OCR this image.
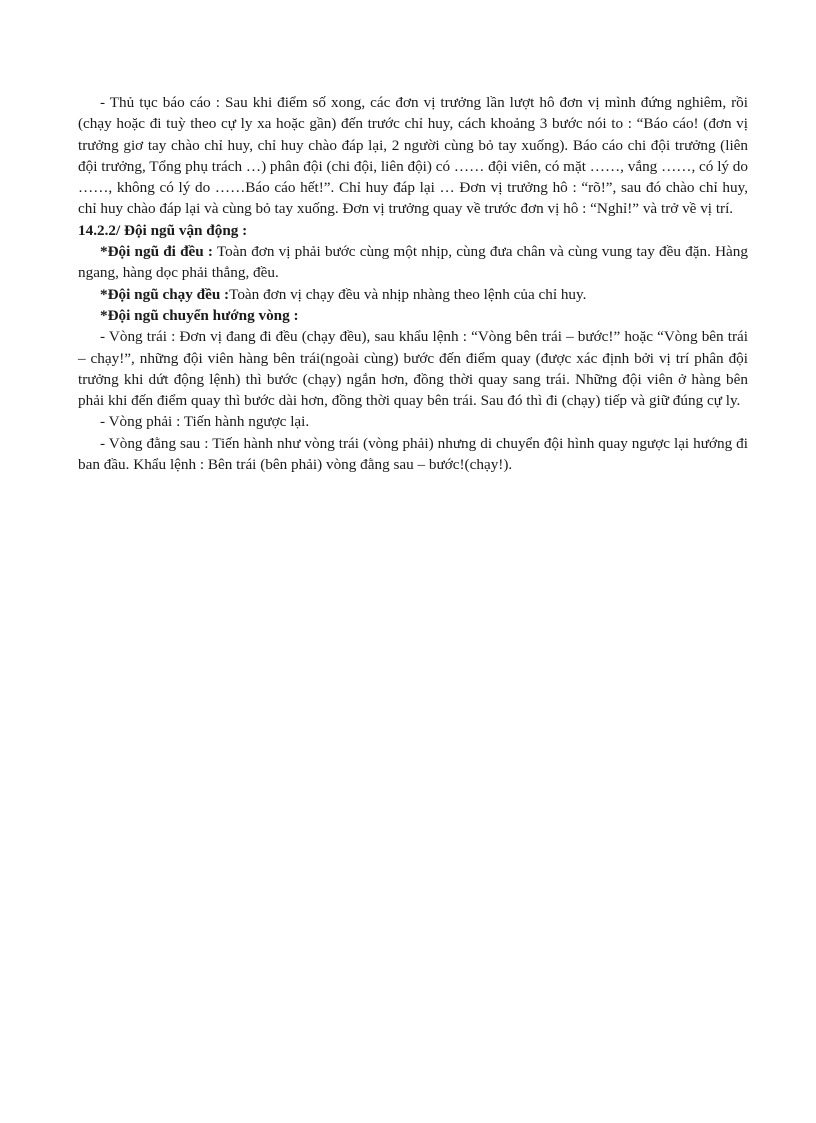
- Thủ tục báo cáo : Sau khi điểm số xong, các đơn vị trưởng lần lượt hô đơn vị mình đứng nghiêm, rồi (chạy hoặc đi tuỳ theo cự ly xa hoặc gần) đến trước chỉ huy, cách khoảng 3 bước nói to : “Báo cáo! (đơn vị trưởng giơ tay chào chỉ huy, chỉ huy chào đáp lại, 2 người cùng bỏ tay xuống). Báo cáo chi đội trưởng (liên đội trưởng, Tổng phụ trách …) phân đội (chi đội, liên đội) có …… đội viên, có mặt ……, vắng ……, có lý do ……, không có lý do ……Báo cáo hết!”. Chỉ huy đáp lại … Đơn vị trưởng hô : “rõ!”, sau đó chào chỉ huy, chỉ huy chào đáp lại và cùng bỏ tay xuống. Đơn vị trưởng quay về trước đơn vị hô : “Nghỉ!” và trở về vị trí.

14.2.2/ Đội ngũ vận động :

*Đội ngũ đi đều : Toàn đơn vị phải bước cùng một nhịp, cùng đưa chân và cùng vung tay đều đặn. Hàng ngang, hàng dọc phải thẳng, đều.

*Đội ngũ chạy đều :Toàn đơn vị chạy đều và nhịp nhàng theo lệnh của chỉ huy.

*Đội ngũ chuyển hướng vòng :

- Vòng trái : Đơn vị đang đi đều (chạy đều), sau khẩu lệnh : “Vòng bên trái – bước!” hoặc “Vòng bên trái – chạy!”, những đội viên hàng bên trái(ngoài cùng) bước đến điểm quay (được xác định bởi vị trí phân đội trưởng khi dứt động lệnh) thì bước (chạy) ngắn hơn, đồng thời quay sang trái. Những đội viên ở hàng bên phải khi đến điểm quay thì bước dài hơn, đồng thời quay bên trái. Sau đó thì đi (chạy) tiếp và giữ đúng cự ly.

- Vòng phải : Tiến hành ngược lại.

- Vòng đằng sau : Tiến hành như vòng trái (vòng phải) nhưng di chuyển đội hình quay ngược lại hướng đi ban đầu. Khẩu lệnh : Bên trái (bên phải) vòng đằng sau – bước!(chạy!).
